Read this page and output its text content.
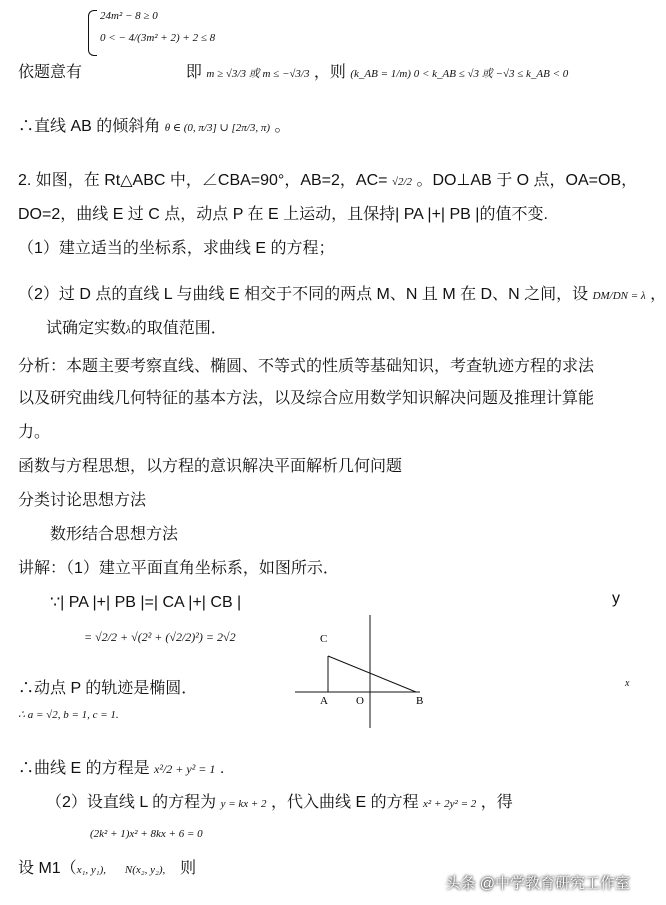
24m² − 8 ≥ 0
0 < − 4/(3m² + 2) + 2 ≤ 8
依题意有	即 m ≥ √3/3 或 m ≤ −√3/3 ，则 (k_AB = 1/m) 0 < k_AB ≤ √3 或 −√3 ≤ k_AB < 0
∴直线 AB 的倾斜角 θ ∈ (0, π/3] ∪ [2π/3, π) 。
2. 如图，在 Rt△ABC 中，∠CBA=90°，AB=2，AC= √2/2 。DO⊥AB 于 O 点，OA=OB，
DO=2，曲线 E 过 C 点，动点 P 在 E 上运动，且保持| PA |+| PB |的值不变.
（1）建立适当的坐标系，求曲线 E 的方程；
（2）过 D 点的直线 L 与曲线 E 相交于不同的两点 M、N 且 M 在 D、N 之间，设 DM/DN = λ ，
试确定实数λ的取值范围．
分析：本题主要考察直线、椭圆、不等式的性质等基础知识，考查轨迹方程的求法
以及研究曲线几何特征的基本方法，以及综合应用数学知识解决问题及推理计算能
力。
函数与方程思想，以方程的意识解决平面解析几何问题
分类讨论思想方法
数形结合思想方法
讲解：（1）建立平面直角坐标系，如图所示．
∵| PA |+| PB |=| CA |+| CB |
= √2/2 + √(2² + (√2/2)²) = 2√2
∴动点 P 的轨迹是椭圆．
∴ a = √2, b = 1, c = 1.
∴曲线 E 的方程是 x²/2 + y² = 1 .
（2）设直线 L 的方程为 y = kx + 2 ，代入曲线 E 的方程 x² + 2y² = 2 ，得
(2k² + 1)x² + 8kx + 6 = 0
设 M1（x₁, y₁), N(x₂, y₂), 则
C
A	O	B
y
x
头条 @中学教育研究工作室
